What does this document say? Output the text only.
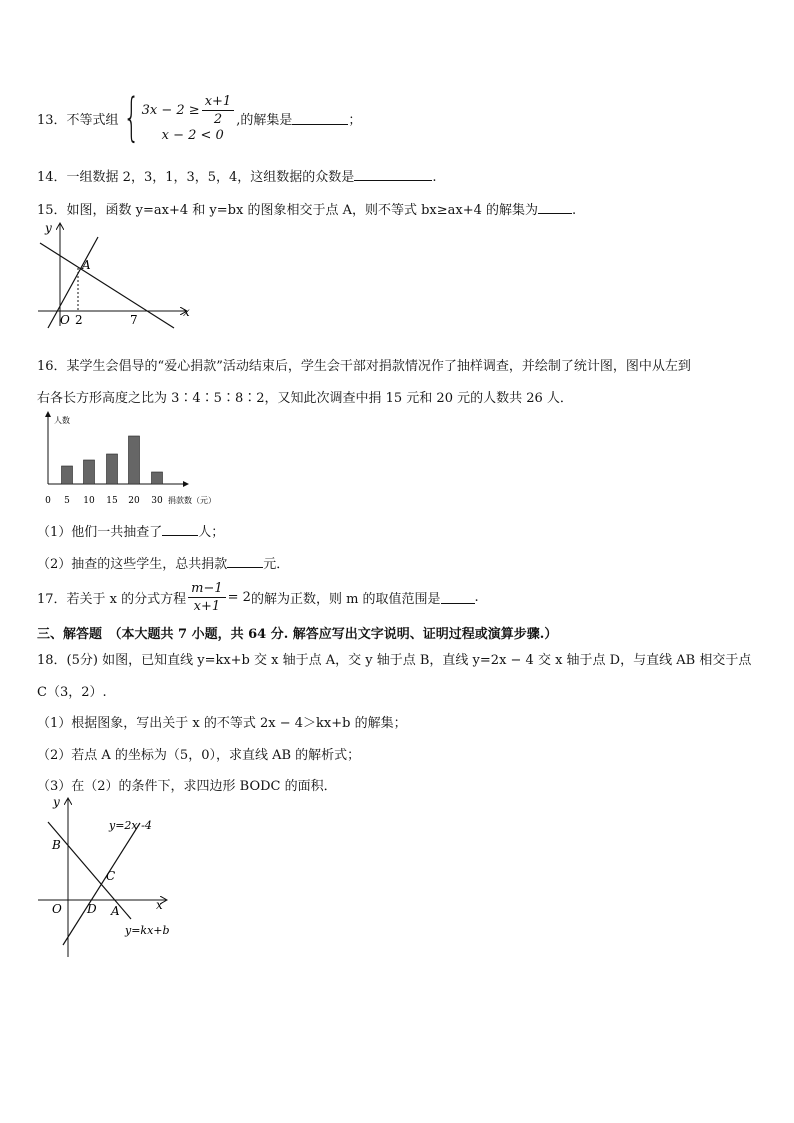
13．不等式组 { $3x - 2 \ge \frac{x+1}{2}$
x − 2 < 0
,的解集是	；
14．一组数据 2，3，1，3，5，4，这组数据的众数是	.
15．如图，函数 y=ax+4 和 y=bx 的图象相交于点 A，则不等式 bx≥ax+4 的解集为	.
y
x
O
A
2	7
16．某学生会倡导的“爱心捐款”活动结束后，学生会干部对捐款情况作了抽样调查，并绘制了统计图，图中从左到
右各长方形高度之比为 3∶4∶5∶8∶2，又知此次调查中捐 15 元和 20 元的人数共 26 人．
人数
0 5 10 15 20 30 捐款数（元）
（1）他们一共抽查了	人；
（2）抽查的这些学生，总共捐款	元．
17．若关于 x 的分式方程 $\frac{m-1}{x+1} = 2$ 的解为正数，则 m 的取值范围是	.
三、解答题　（本大题共 7 小题，共 64 分. 解答应写出文字说明、证明过程或演算步骤.）
18．(5分) 如图，已知直线 y=kx+b 交 x 轴于点 A，交 y 轴于点 B，直线 y=2x − 4 交 x 轴于点 D，与直线 AB 相交于点
C（3，2）.
（1）根据图象，写出关于 x 的不等式 2x − 4＞kx+b 的解集；
（2）若点 A 的坐标为（5，0），求直线 AB 的解析式；
（3）在（2）的条件下，求四边形 BODC 的面积．
y
x
O
B
C
D A
y=2x -4
y=kx+b
